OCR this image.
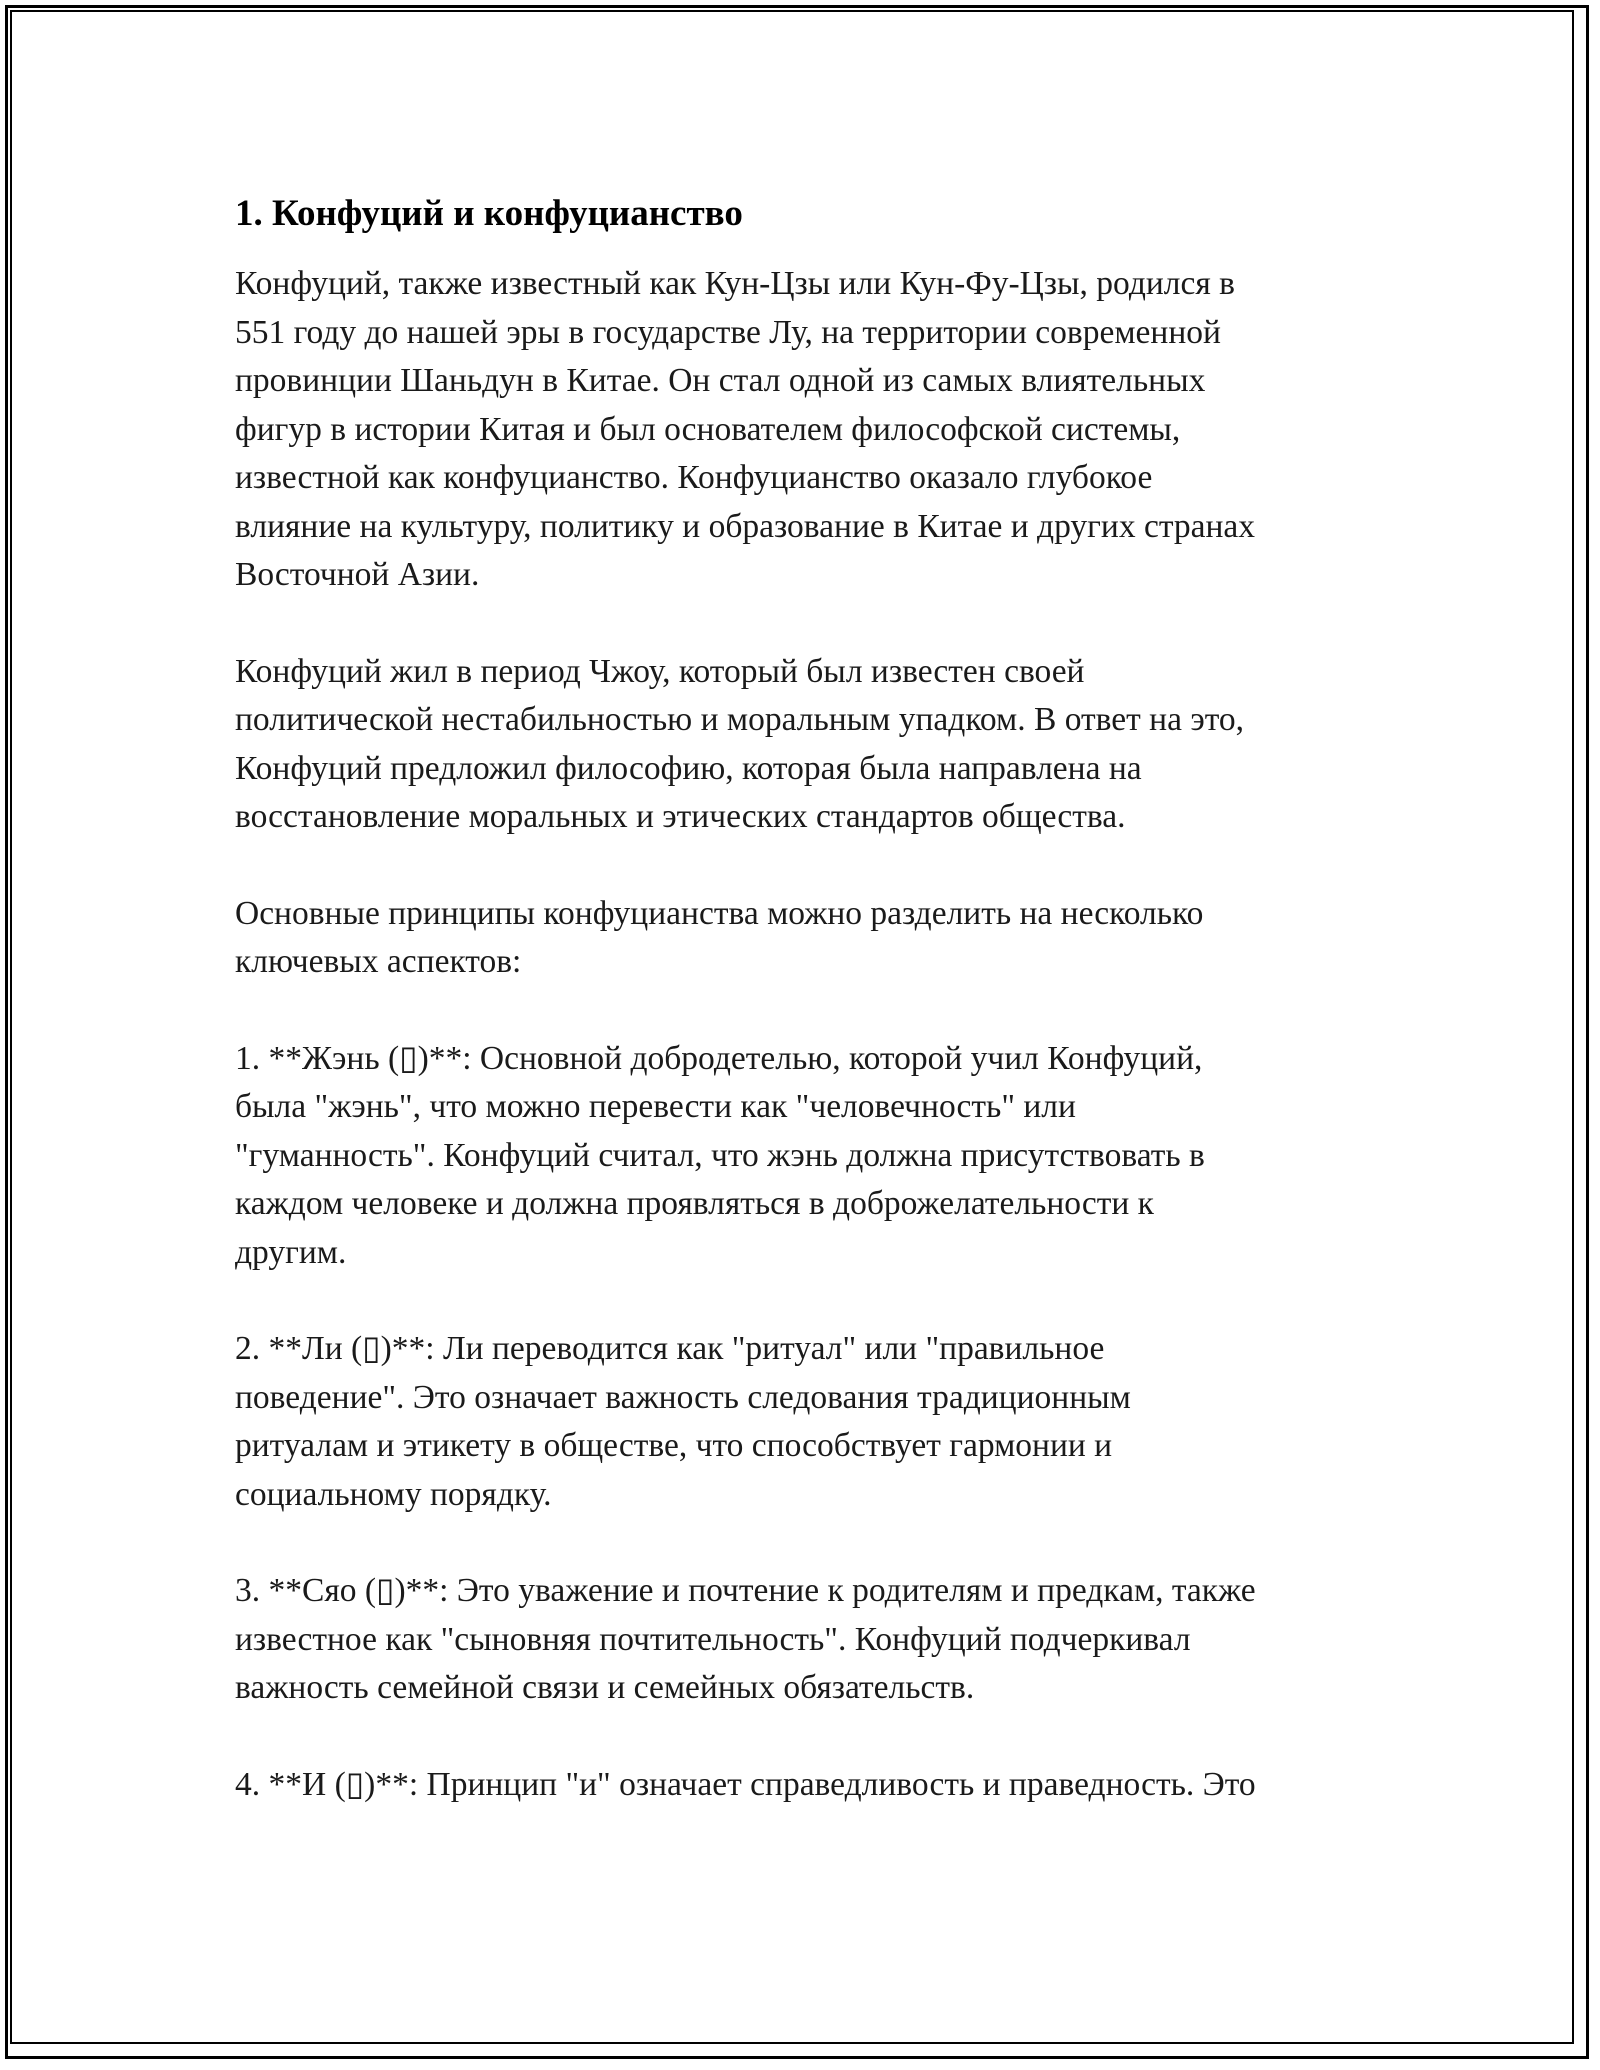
1. Конфуций и конфуцианство

Конфуций, также известный как Кун-Цзы или Кун-Фу-Цзы, родился в
551 году до нашей эры в государстве Лу, на территории современной
провинции Шаньдун в Китае. Он стал одной из самых влиятельных
фигур в истории Китая и был основателем философской системы,
известной как конфуцианство. Конфуцианство оказало глубокое
влияние на культуру, политику и образование в Китае и других странах
Восточной Азии.

Конфуций жил в период Чжоу, который был известен своей
политической нестабильностью и моральным упадком. В ответ на это,
Конфуций предложил философию, которая была направлена на
восстановление моральных и этических стандартов общества.

Основные принципы конфуцианства можно разделить на несколько
ключевых аспектов:

1. **Жэнь (▯)**: Основной добродетелью, которой учил Конфуций,
была "жэнь", что можно перевести как "человечность" или
"гуманность". Конфуций считал, что жэнь должна присутствовать в
каждом человеке и должна проявляться в доброжелательности к
другим.

2. **Ли (▯)**: Ли переводится как "ритуал" или "правильное
поведение". Это означает важность следования традиционным
ритуалам и этикету в обществе, что способствует гармонии и
социальному порядку.

3. **Сяо (▯)**: Это уважение и почтение к родителям и предкам, также
известное как "сыновняя почтительность". Конфуций подчеркивал
важность семейной связи и семейных обязательств.

4. **И (▯)**: Принцип "и" означает справедливость и праведность. Это
